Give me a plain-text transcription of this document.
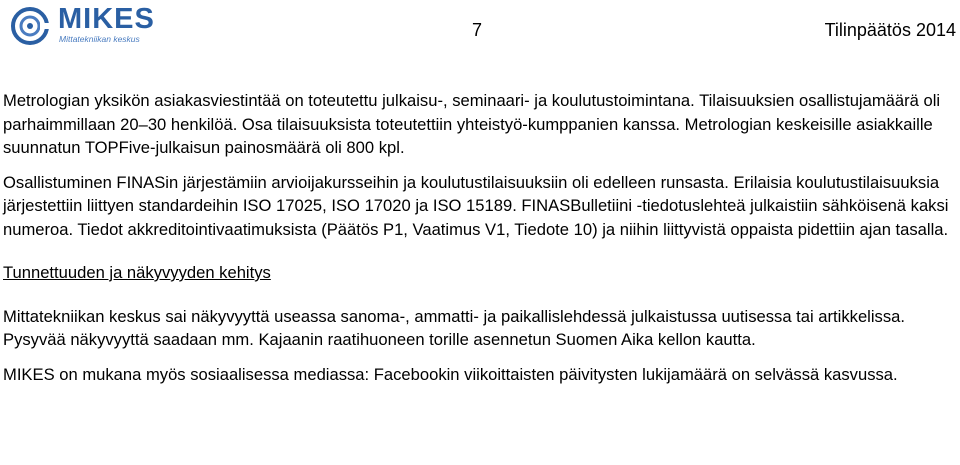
MIKES
Mittatekniikan keskus	7	Tilinpäätös 2014

Metrologian yksikön asiakasviestintää on toteutettu julkaisu-, seminaari- ja koulutustoimintana. Tilaisuuksien osallistujamäärä oli parhaimmillaan 20–30 henkilöä. Osa tilaisuuksista toteutettiin yhteistyö-kumppanien kanssa. Metrologian keskeisille asiakkaille suunnatun TOPFive-julkaisun painosmäärä oli 800 kpl.

Osallistuminen FINASin järjestämiin arvioijakursseihin ja koulutustilaisuuksiin oli edelleen runsasta. Erilaisia koulutustilaisuuksia järjestettiin liittyen standardeihin ISO 17025, ISO 17020 ja ISO 15189. FINASBulletiini -tiedotuslehteä julkaistiin sähköisenä kaksi numeroa. Tiedot akkreditointivaatimuksista (Päätös P1, Vaatimus V1, Tiedote 10) ja niihin liittyvistä oppaista pidettiin ajan tasalla.

Tunnettuuden ja näkyvyyden kehitys

Mittatekniikan keskus sai näkyvyyttä useassa sanoma-, ammatti- ja paikallislehdessä julkaistussa uutisessa tai artikkelissa. Pysyvää näkyvyyttä saadaan mm. Kajaanin raatihuoneen torille asennetun Suomen Aika kellon kautta.

MIKES on mukana myös sosiaalisessa mediassa: Facebookin viikoittaisten päivitysten lukijamäärä on selvässä kasvussa.
